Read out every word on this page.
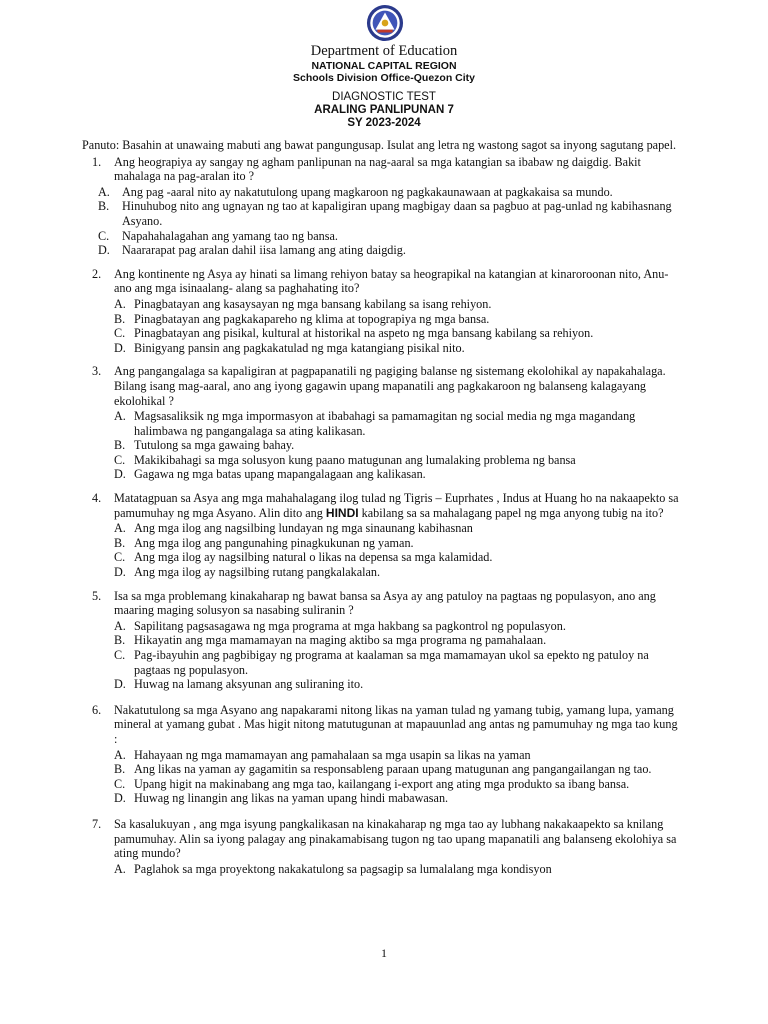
Department of Education
NATIONAL CAPITAL REGION
Schools Division Office-Quezon City
DIAGNOSTIC TEST
ARALING PANLIPUNAN 7
SY 2023-2024

Panuto: Basahin at unawaing mabuti ang bawat pangungusap. Isulat ang letra ng wastong sagot sa inyong sagutang papel.

1. Ang heograpiya ay sangay ng agham panlipunan na nag-aaral sa mga katangian sa ibabaw ng daigdig. Bakit mahalaga na pag-aralan ito ?

A. Ang pag -aaral nito ay nakatutulong upang magkaroon ng pagkakaunawaan at pagkakaisa sa mundo.

B. Hinuhubog nito ang ugnayan ng tao at kapaligiran upang magbigay daan sa pagbuo at pag-unlad ng kabihasnang Asyano.

C. Napahahalagahan ang yamang tao ng bansa.

D. Naararapat pag aralan dahil iisa lamang ang ating daigdig.

2. Ang kontinente ng Asya ay hinati sa limang rehiyon batay sa heograpikal na katangian at kinaroroonan nito, Anu-ano ang mga isinaalang- alang sa paghahating ito?

A. Pinagbatayan ang kasaysayan ng mga bansang kabilang sa isang rehiyon.

B. Pinagbatayan ang pagkakapareho ng klima at topograpiya ng mga bansa.

C. Pinagbatayan ang pisikal, kultural at historikal na aspeto ng mga bansang kabilang sa rehiyon.

D. Binigyang pansin ang pagkakatulad ng mga katangiang pisikal nito.

3. Ang pangangalaga sa kapaligiran at pagpapanatili ng pagiging balanse ng sistemang ekolohikal ay napakahalaga. Bilang isang mag-aaral, ano ang iyong gagawin upang mapanatili ang pagkakaroon ng balanseng kalagayang ekolohikal ?

A. Magsasaliksik ng mga impormasyon at ibabahagi sa pamamagitan ng social media ng mga magandang halimbawa ng pangangalaga sa ating kalikasan.

B. Tutulong sa mga gawaing bahay.

C. Makikibahagi sa mga solusyon kung paano matugunan ang lumalaking problema ng bansa

D. Gagawa ng mga batas upang mapangalagaan ang kalikasan.

4. Matatagpuan sa Asya ang mga mahahalagang ilog tulad ng Tigris – Euprhates , Indus at Huang ho na nakaapekto sa pamumuhay ng mga Asyano. Alin dito ang HINDI kabilang sa sa mahalagang papel ng mga anyong tubig na ito?

A. Ang mga ilog ang nagsilbing lundayan ng mga sinaunang kabihasnan

B. Ang mga ilog ang pangunahing pinagkukunan ng yaman.

C. Ang mga ilog ay nagsilbing natural o likas na depensa sa mga kalamidad.

D. Ang mga ilog ay nagsilbing rutang pangkalakalan.

5. Isa sa mga problemang kinakaharap ng bawat bansa sa Asya ay ang patuloy na pagtaas ng populasyon, ano ang maaring maging solusyon sa nasabing suliranin ?

A. Sapilitang pagsasagawa ng mga programa at mga hakbang sa pagkontrol ng populasyon.

B. Hikayatin ang mga mamamayan na maging aktibo sa mga programa ng pamahalaan.

C. Pag-ibayuhin ang pagbibigay ng programa at kaalaman sa mga mamamayan ukol sa epekto ng patuloy na pagtaas ng populasyon.

D. Huwag na lamang aksyunan ang suliraning ito.

6. Nakatutulong sa mga Asyano ang napakarami nitong likas na yaman tulad ng yamang tubig, yamang lupa, yamang mineral at yamang gubat . Mas higit nitong matutugunan at mapauunlad ang antas ng pamumuhay ng mga tao kung :

A. Hahayaan ng mga mamamayan ang pamahalaan sa mga usapin sa likas na yaman

B. Ang likas na yaman ay gagamitin sa responsableng paraan upang matugunan ang pangangailangan ng tao.

C. Upang higit na makinabang ang mga tao, kailangang i-export ang ating mga produkto sa ibang bansa.

D. Huwag ng linangin ang likas na yaman upang hindi mabawasan.

7. Sa kasalukuyan , ang mga isyung pangkalikasan na kinakaharap ng mga tao ay lubhang nakakaapekto sa knilang pamumuhay. Alin sa iyong palagay ang pinakamabisang tugon ng tao upang mapanatili ang balanseng ekolohiya sa ating mundo?

A. Paglahok sa mga proyektong nakakatulong sa pagsagip sa lumalalang mga kondisyon

1
